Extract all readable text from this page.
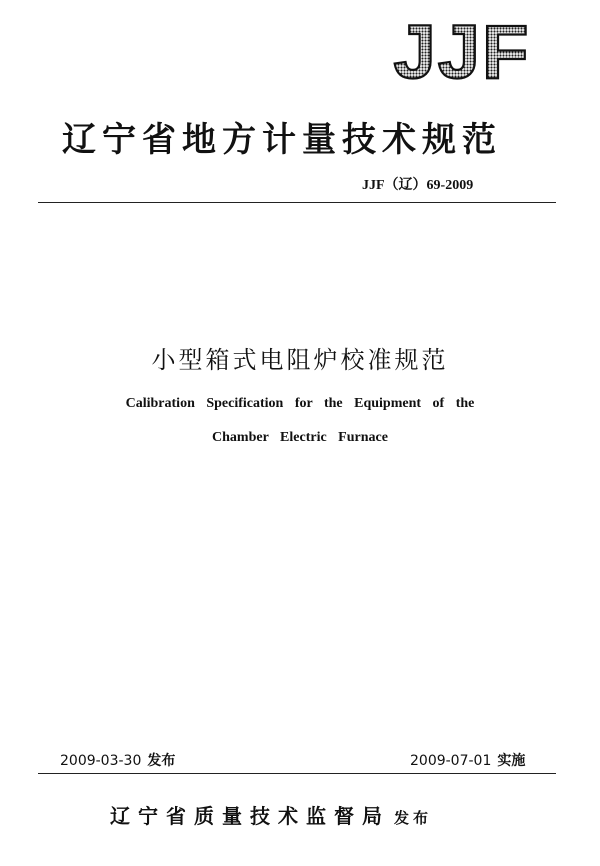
JJF
辽宁省地方计量技术规范
JJF（辽）69-2009
小型箱式电阻炉校准规范
Calibration Specification for the Equipment of the
Chamber Electric Furnace
2009-03-30 发布	2009-07-01 实施
辽宁省质量技术监督局 发布
